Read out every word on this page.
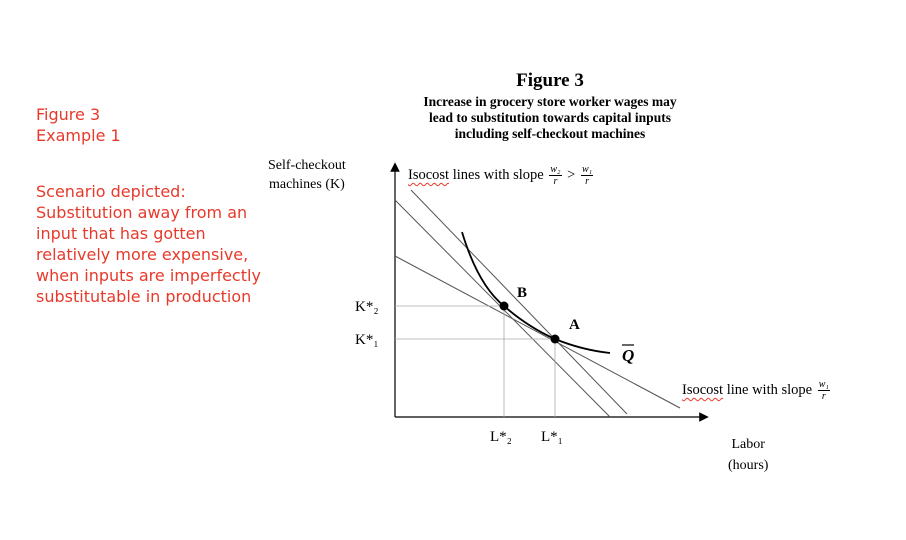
Figure 3
Example 1
Scenario depicted:
Substitution away from an
input that has gotten
relatively more expensive,
when inputs are imperfectly
substitutable in production
Figure 3
Increase in grocery store worker wages may
lead to substitution towards capital inputs
including self-checkout machines
Self-checkout
machines (K)
Labor
(hours)
Isocost lines with slope $\frac{\text{w₂}}{r} > \frac{\text{w₁}}{r}$
Isocost line with slope $\frac{\text{w₁}}{r}$
B
A
Q
K*₂
K*₁
L*₂ L*₁
